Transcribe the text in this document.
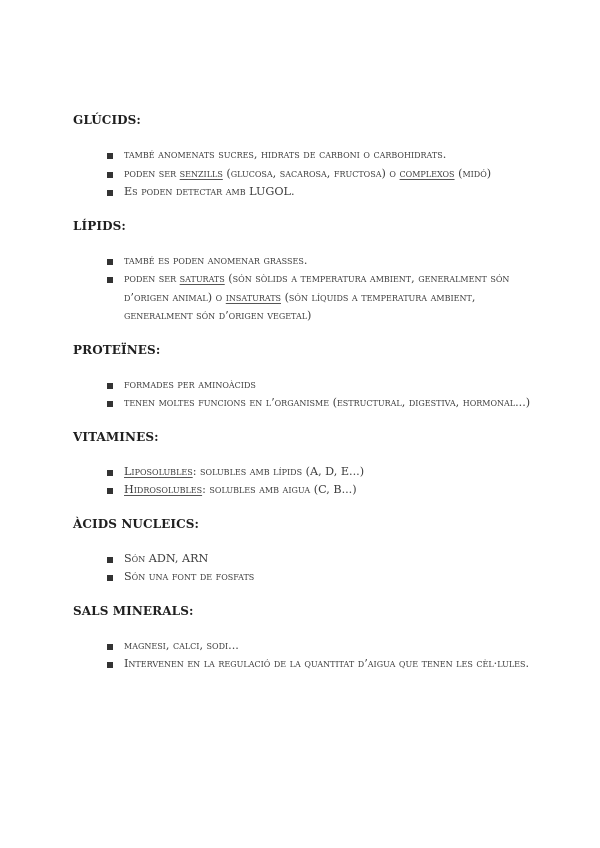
GLÚCIDS:
també anomenats sucres, hidrats de carboni o carbohidrats.
poden ser senzills (glucosa, sacarosa, fructosa) o complexos (midó)
Es poden detectar amb LUGOL.
LÍPIDS:
també es poden anomenar grasses.
poden ser saturats (són sòlids a temperatura ambient, generalment són d’origen animal) o insaturats (són líquids a temperatura ambient, generalment són d’origen vegetal)
PROTEÏNES:
formades per aminoàcids
tenen moltes funcions en l’organisme (estructural, digestiva, hormonal...)
VITAMINES:
Liposolubles: solubles amb lípids (A, D, E...)
Hidrosolubles: solubles amb aigua (C, B...)
ÀCIDS NUCLEICS:
Són ADN, ARN
Són una font de fosfats
SALS MINERALS:
magnesi, calci, sodi...
Intervenen en la regulació de la quantitat d’aigua que tenen les cèl·lules.
